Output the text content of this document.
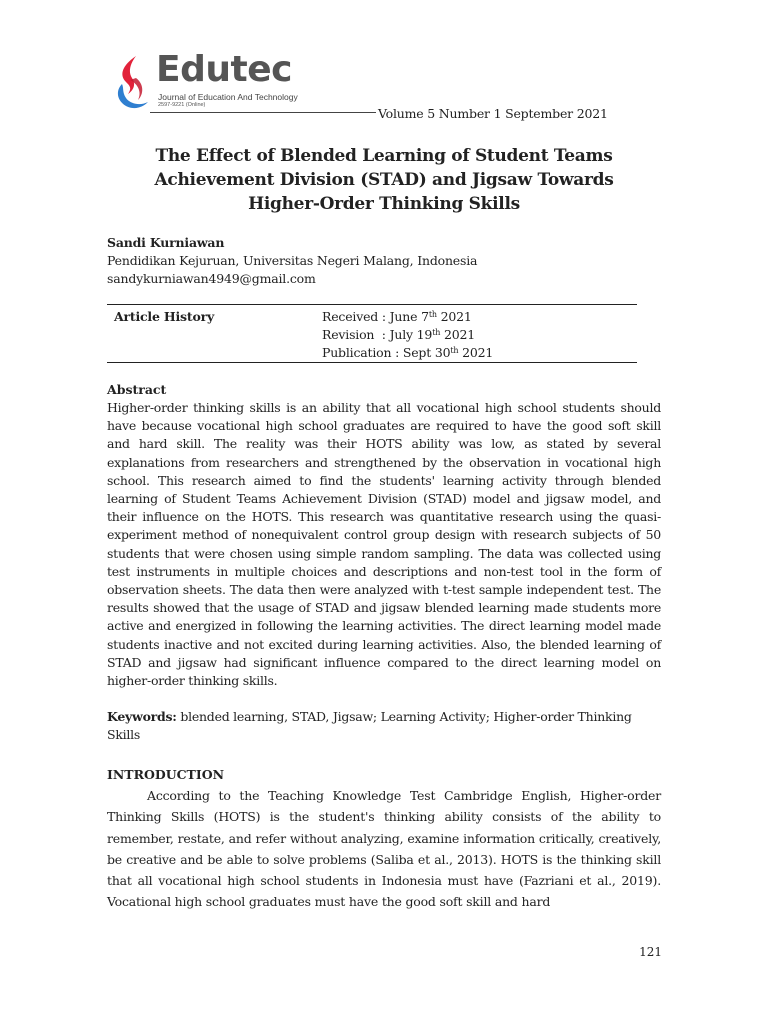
Edutec
Journal of Education And Technology
2597-9221 (Online)
Volume 5 Number 1 September 2021
The Effect of Blended Learning of Student Teams Achievement Division (STAD) and Jigsaw Towards Higher-Order Thinking Skills
Sandi Kurniawan
Pendidikan Kejuruan, Universitas Negeri Malang, Indonesia
sandykurniawan4949@gmail.com
Article History	Received : June 7th 2021
Revision  : July 19th 2021
Publication : Sept 30th 2021
Abstract
Higher-order thinking skills is an ability that all vocational high school students should have because vocational high school graduates are required to have the good soft skill and hard skill. The reality was their HOTS ability was low, as stated by several explanations from researchers and strengthened by the observation in vocational high school. This research aimed to find the students' learning activity through blended learning of Student Teams Achievement Division (STAD) model and jigsaw model, and their influence on the HOTS. This research was quantitative research using the quasi-experiment method of nonequivalent control group design with research subjects of 50 students that were chosen using simple random sampling. The data was collected using test instruments in multiple choices and descriptions and non-test tool in the form of observation sheets. The data then were analyzed with t-test sample independent test. The results showed that the usage of STAD and jigsaw blended learning made students more active and energized in following the learning activities. The direct learning model made students inactive and not excited during learning activities. Also, the blended learning of STAD and jigsaw had significant influence compared to the direct learning model on higher-order thinking skills.
Keywords: blended learning, STAD, Jigsaw; Learning Activity; Higher-order Thinking Skills
INTRODUCTION
According to the Teaching Knowledge Test Cambridge English, Higher-order Thinking Skills (HOTS) is the student's thinking ability consists of the ability to remember, restate, and refer without analyzing, examine information critically, creatively, be creative and be able to solve problems (Saliba et al., 2013). HOTS is the thinking skill that all vocational high school students in Indonesia must have (Fazriani et al., 2019). Vocational high school graduates must have the good soft skill and hard
121
